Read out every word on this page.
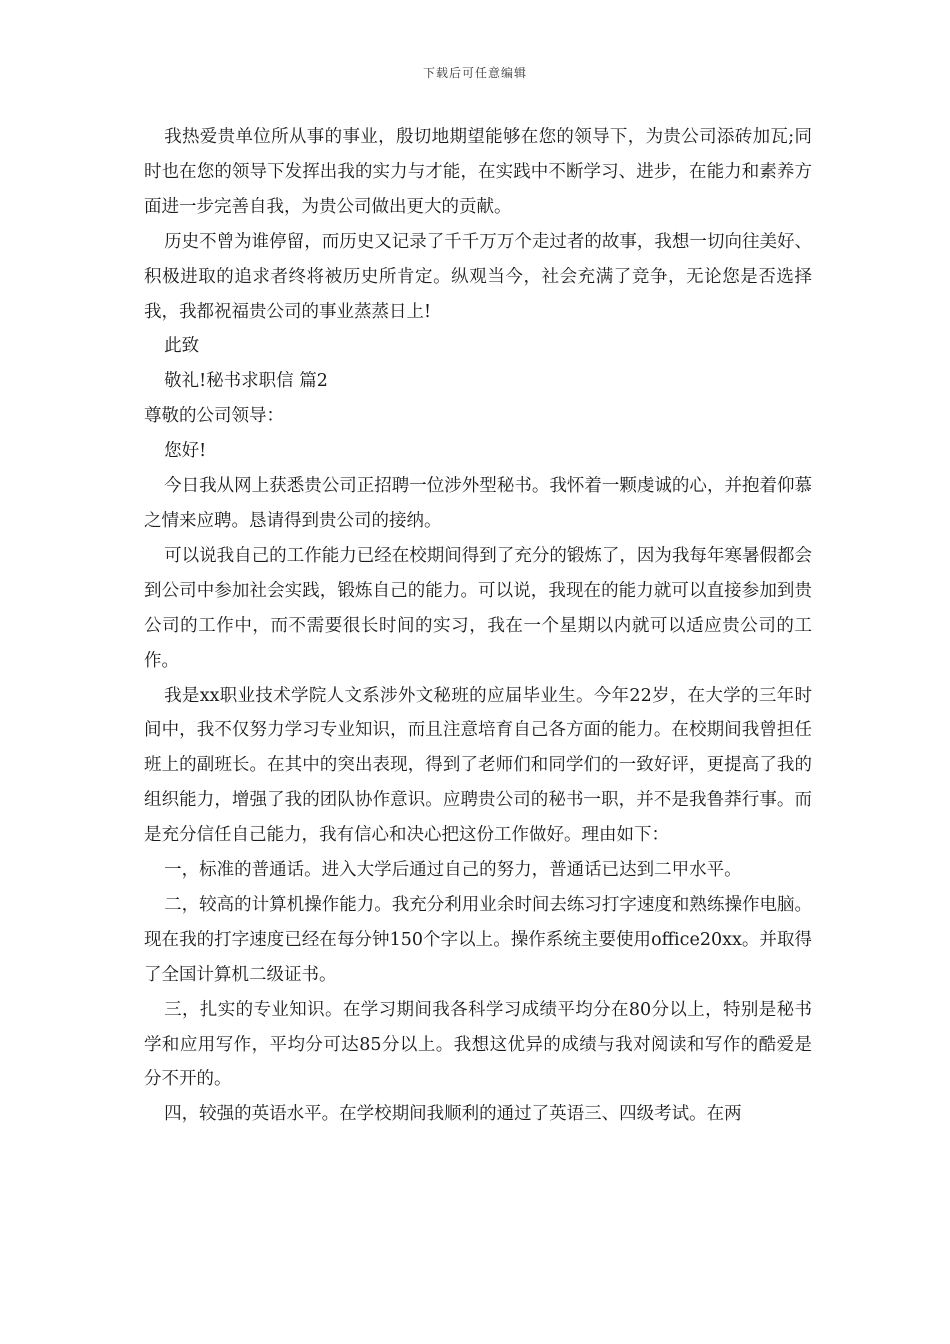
下载后可任意编辑

我热爱贵单位所从事的事业，殷切地期望能够在您的领导下，为贵公司添砖加瓦;同时也在您的领导下发挥出我的实力与才能，在实践中不断学习、进步，在能力和素养方面进一步完善自我，为贵公司做出更大的贡献。

历史不曾为谁停留，而历史又记录了千千万万个走过者的故事，我想一切向往美好、积极进取的追求者终将被历史所肯定。纵观当今，社会充满了竞争，无论您是否选择我，我都祝福贵公司的事业蒸蒸日上!

此致

敬礼!秘书求职信 篇2

尊敬的公司领导：

您好!

今日我从网上获悉贵公司正招聘一位涉外型秘书。我怀着一颗虔诚的心，并抱着仰慕之情来应聘。恳请得到贵公司的接纳。

可以说我自己的工作能力已经在校期间得到了充分的锻炼了，因为我每年寒暑假都会到公司中参加社会实践，锻炼自己的能力。可以说，我现在的能力就可以直接参加到贵公司的工作中，而不需要很长时间的实习，我在一个星期以内就可以适应贵公司的工作。

我是xx职业技术学院人文系涉外文秘班的应届毕业生。今年22岁，在大学的三年时间中，我不仅努力学习专业知识，而且注意培育自己各方面的能力。在校期间我曾担任班上的副班长。在其中的突出表现，得到了老师们和同学们的一致好评，更提高了我的组织能力，增强了我的团队协作意识。应聘贵公司的秘书一职，并不是我鲁莽行事。而是充分信任自己能力，我有信心和决心把这份工作做好。理由如下：

一，标准的普通话。进入大学后通过自己的努力，普通话已达到二甲水平。

二，较高的计算机操作能力。我充分利用业余时间去练习打字速度和熟练操作电脑。现在我的打字速度已经在每分钟150个字以上。操作系统主要使用office20xx。并取得了全国计算机二级证书。

三，扎实的专业知识。在学习期间我各科学习成绩平均分在80分以上，特别是秘书学和应用写作，平均分可达85分以上。我想这优异的成绩与我对阅读和写作的酷爱是分不开的。

四，较强的英语水平。在学校期间我顺利的通过了英语三、四级考试。在两
